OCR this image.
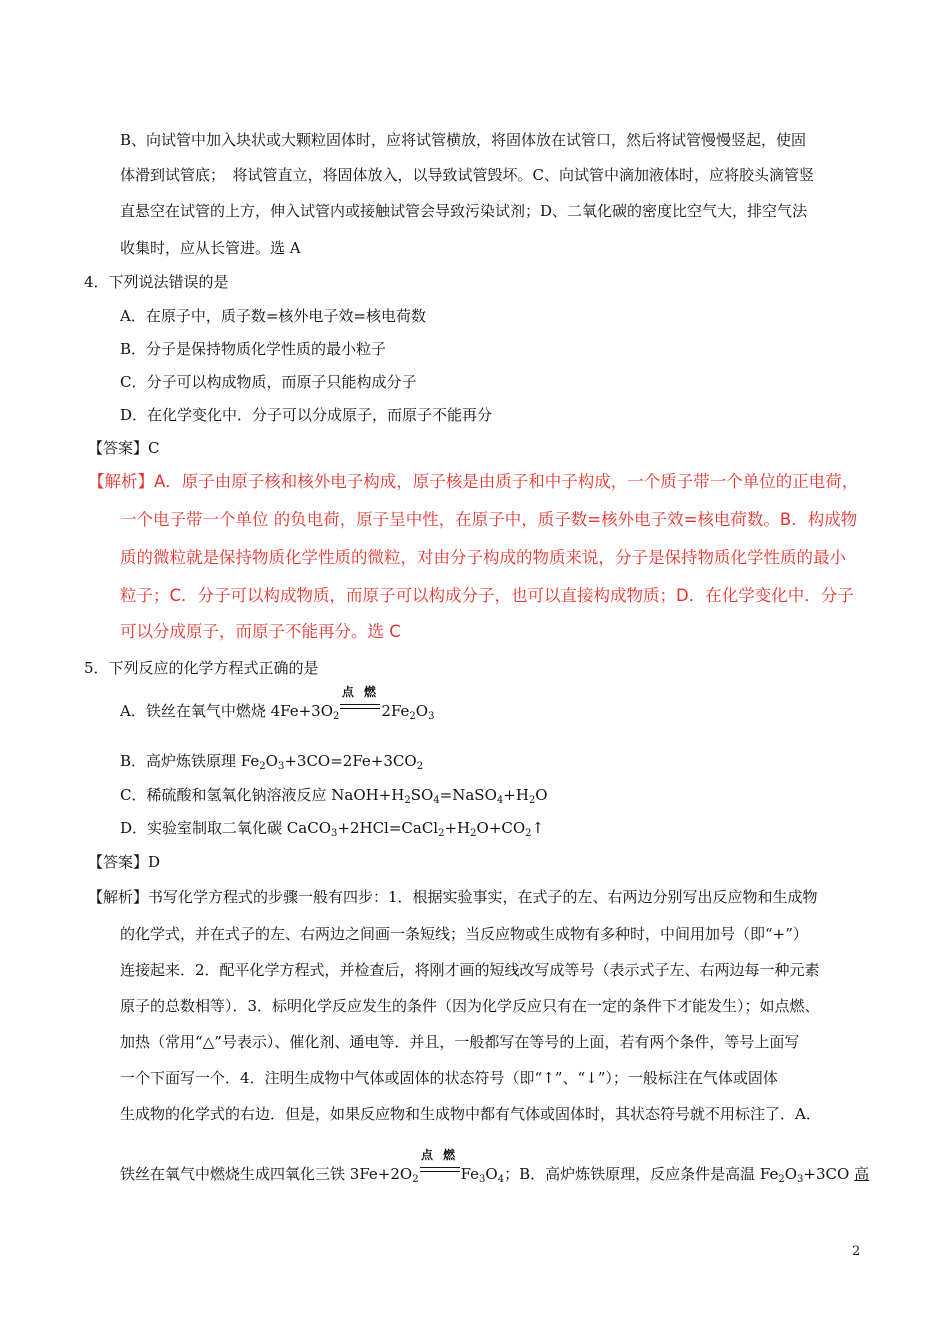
B、向试管中加入块状或大颗粒固体时，应将试管横放，将固体放在试管口，然后将试管慢慢竖起，使固
体滑到试管底；　将试管直立，将固体放入，以导致试管毁坏。C、向试管中滴加液体时，应将胶头滴管竖
直悬空在试管的上方，伸入试管内或接触试管会导致污染试剂；D、二氧化碳的密度比空气大，排空气法
收集时，应从长管进。选 A
4．下列说法错误的是
A．在原子中，质子数=核外电子效=核电荷数
B．分子是保持物质化学性质的最小粒子
C．分子可以构成物质，而原子只能构成分子
D．在化学变化中．分子可以分成原子，而原子不能再分
【答案】C
【解析】A．原子由原子核和核外电子构成，原子核是由质子和中子构成，一个质子带一个单位的正电荷，
一个电子带一个单位 的负电荷，原子呈中性，在原子中，质子数=核外电子效=核电荷数。B．构成物
质的微粒就是保持物质化学性质的微粒，对由分子构成的物质来说，分子是保持物质化学性质的最小
粒子；C．分子可以构成物质，而原子可以构成分子，也可以直接构成物质；D．在化学变化中．分子
可以分成原子，而原子不能再分。选 C
5．下列反应的化学方程式正确的是
A．铁丝在氧气中燃烧 $4Fe+3O_2$
点 燃
$2Fe_2O_3$
B．高炉炼铁原理 $Fe_2O_3+3CO=2Fe+3CO_2$
C．稀硫酸和氢氧化钠溶液反应 $NaOH+H_2SO_4=NaSO_4+H_2O$
D．实验室制取二氧化碳 $CaCO_3+2HCl=CaCl_2+H_2O+CO_2↑$
【答案】D
【解析】书写化学方程式的步骤一般有四步：1．根据实验事实，在式子的左、右两边分别写出反应物和生成物
的化学式，并在式子的左、右两边之间画一条短线；当反应物或生成物有多种时，中间用加号（即“+”）
连接起来．2．配平化学方程式，并检查后，将刚才画的短线改写成等号（表示式子左、右两边每一种元素
原子的总数相等）．3．标明化学反应发生的条件（因为化学反应只有在一定的条件下才能发生）；如点燃、
加热（常用“△”号表示）、催化剂、通电等．并且，一般都写在等号的上面，若有两个条件，等号上面写
一个下面写一个．4．注明生成物中气体或固体的状态符号（即“↑”、“↓”）；一般标注在气体或固体
生成物的化学式的右边．但是，如果反应物和生成物中都有气体或固体时，其状态符号就不用标注了．A．
铁丝在氧气中燃烧生成四氧化三铁 $3Fe+2O_2$
点 燃
$Fe_3O_4$；B．高炉炼铁原理，反应条件是高温 $Fe_2O_3+3CO$ 高
2
